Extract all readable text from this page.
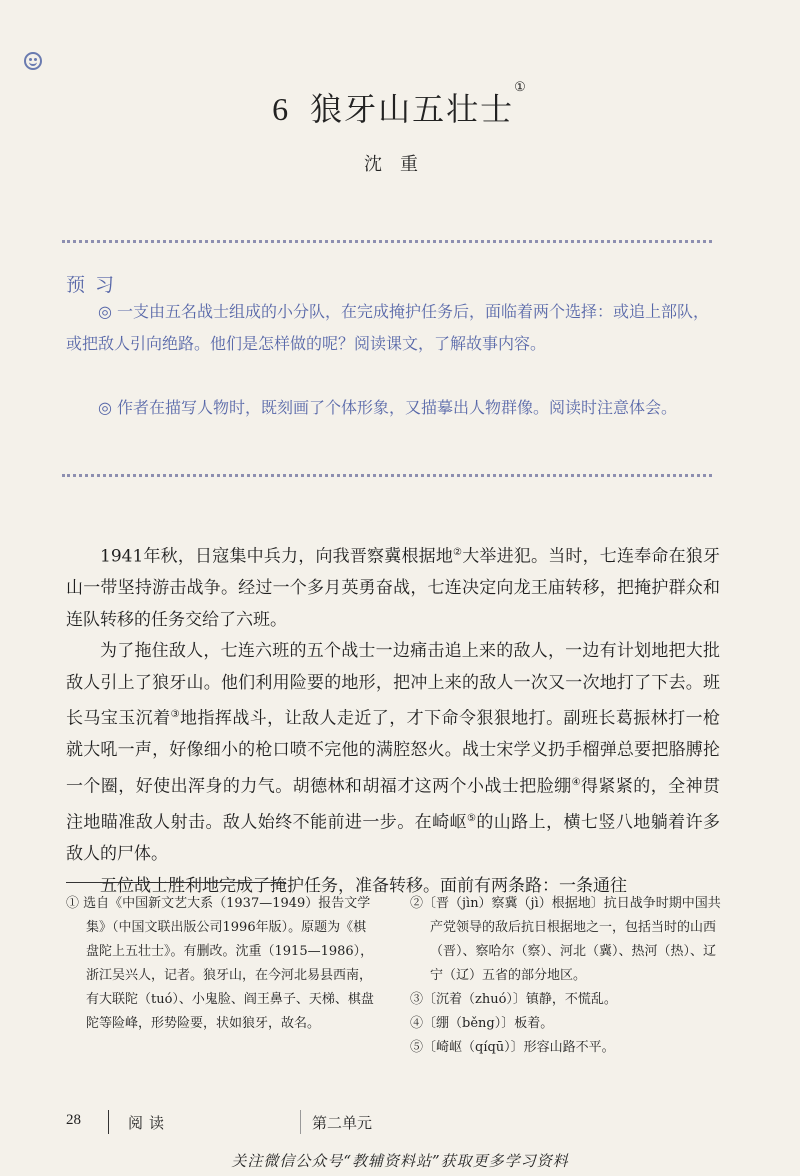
6 狼牙山五壮士①
沈重
预习
◎ 一支由五名战士组成的小分队，在完成掩护任务后，面临着两个选择：或追上部队，或把敌人引向绝路。他们是怎样做的呢？阅读课文，了解故事内容。
◎ 作者在描写人物时，既刻画了个体形象，又描摹出人物群像。阅读时注意体会。

1941年秋，日寇集中兵力，向我晋察冀根据地②大举进犯。当时，七连奉命在狼牙山一带坚持游击战争。经过一个多月英勇奋战，七连决定向龙王庙转移，把掩护群众和连队转移的任务交给了六班。

为了拖住敌人，七连六班的五个战士一边痛击追上来的敌人，一边有计划地把大批敌人引上了狼牙山。他们利用险要的地形，把冲上来的敌人一次又一次地打了下去。班长马宝玉沉着③地指挥战斗，让敌人走近了，才下命令狠狠地打。副班长葛振林打一枪就大吼一声，好像细小的枪口喷不完他的满腔怒火。战士宋学义扔手榴弹总要把胳膊抡一个圈，好使出浑身的力气。胡德林和胡福才这两个小战士把脸绷④得紧紧的，全神贯注地瞄准敌人射击。敌人始终不能前进一步。在崎岖⑤的山路上，横七竖八地躺着许多敌人的尸体。

五位战士胜利地完成了掩护任务，准备转移。面前有两条路：一条通往

① 选自《中国新文艺大系（1937—1949）报告文学集》（中国文联出版公司1996年版）。原题为《棋盘陀上五壮士》。有删改。沈重（1915—1986），浙江吴兴人，记者。狼牙山，在今河北易县西南，有大联陀（tuó）、小鬼脸、阎王鼻子、天梯、棋盘陀等险峰，形势险要，状如狼牙，故名。

②〔晋（jìn）察冀（jì）根据地〕抗日战争时期中国共产党领导的敌后抗日根据地之一，包括当时的山西（晋）、察哈尔（察）、河北（冀）、热河（热）、辽宁（辽）五省的部分地区。

③〔沉着（zhuó）〕镇静，不慌乱。

④〔绷（běng）〕板着。

⑤〔崎岖（qíqū）〕形容山路不平。

28	阅读	第二单元
关注微信公众号“教辅资料站”获取更多学习资料
